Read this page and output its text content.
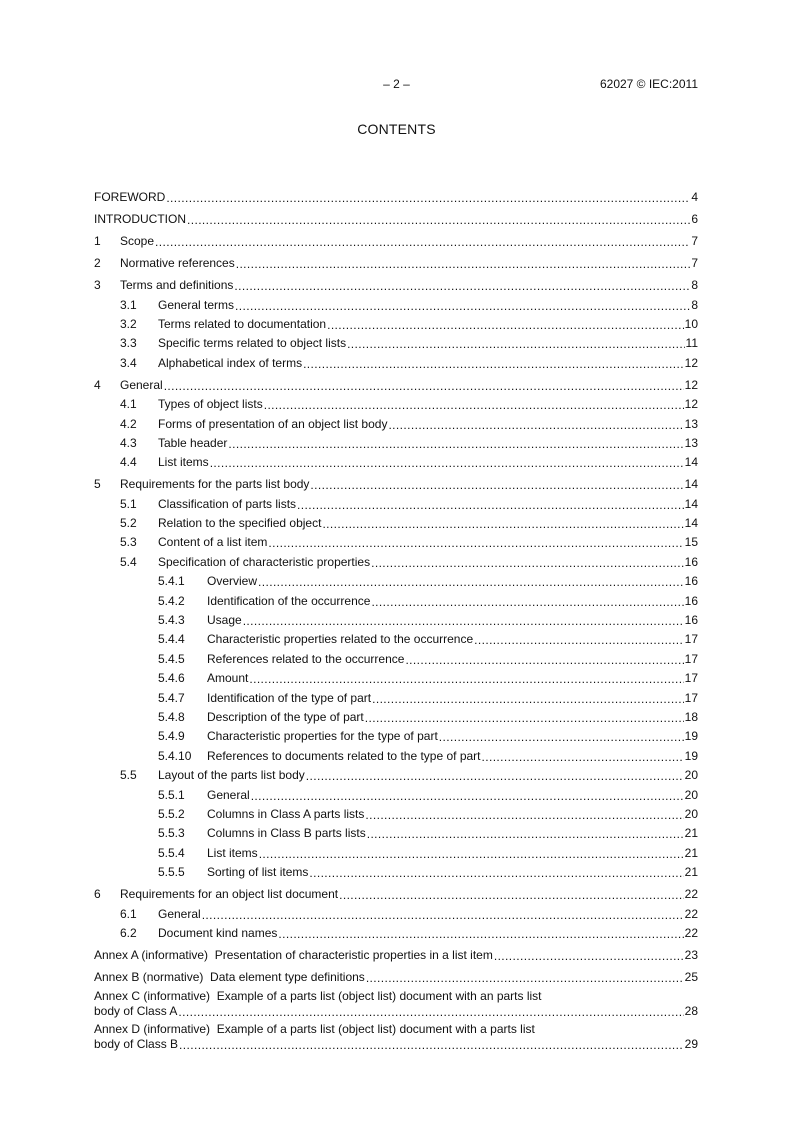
– 2 –	62027 © IEC:2011
CONTENTS
FOREWORD .....	4
INTRODUCTION .....	6
1	Scope .....	7
2	Normative references .....	7
3	Terms and definitions .....	8
3.1	General terms .....	8
3.2	Terms related to documentation .....	10
3.3	Specific terms related to object lists .....	11
3.4	Alphabetical index of terms .....	12
4	General .....	12
4.1	Types of object lists .....	12
4.2	Forms of presentation of an object list body .....	13
4.3	Table header .....	13
4.4	List items .....	14
5	Requirements for the parts list body .....	14
5.1	Classification of parts lists .....	14
5.2	Relation to the specified object .....	14
5.3	Content of a list item .....	15
5.4	Specification of characteristic properties .....	16
5.4.1	Overview .....	16
5.4.2	Identification of the occurrence .....	16
5.4.3	Usage .....	16
5.4.4	Characteristic properties related to the occurrence .....	17
5.4.5	References related to the occurrence .....	17
5.4.6	Amount .....	17
5.4.7	Identification of the type of part .....	17
5.4.8	Description of the type of part .....	18
5.4.9	Characteristic properties for the type of part .....	19
5.4.10	References to documents related to the type of part .....	19
5.5	Layout of the parts list body .....	20
5.5.1	General .....	20
5.5.2	Columns in Class A parts lists .....	20
5.5.3	Columns in Class B parts lists .....	21
5.5.4	List items .....	21
5.5.5	Sorting of list items .....	21
6	Requirements for an object list document .....	22
6.1	General .....	22
6.2	Document kind names .....	22
Annex A (informative)  Presentation of characteristic properties in a list item .....	23
Annex B (normative)  Data element type definitions .....	25
Annex C (informative)  Example of a parts list (object list) document with an parts list
body of Class A .....	28
Annex D (informative)  Example of a parts list (object list) document with a parts list
body of Class B .....	29
